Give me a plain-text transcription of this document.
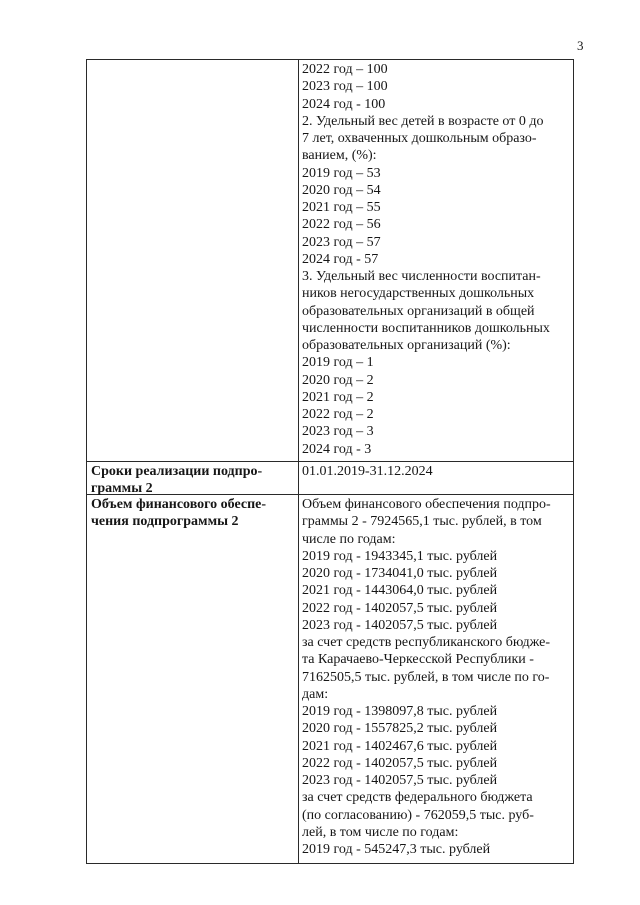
3
2022 год – 100
2023 год – 100
2024 год - 100
2. Удельный вес детей в возрасте от 0 до
7 лет, охваченных дошкольным образо-
ванием, (%):
2019 год – 53
2020 год – 54
2021 год – 55
2022 год – 56
2023 год – 57
2024 год - 57
3. Удельный вес численности воспитан-
ников негосударственных дошкольных
образовательных организаций в общей
численности воспитанников дошкольных
образовательных организаций (%):
2019 год – 1
2020 год – 2
2021 год – 2
2022 год – 2
2023 год – 3
2024 год - 3
Сроки реализации подпро-
граммы 2
01.01.2019-31.12.2024
Объем финансового обеспе-
чения подпрограммы 2
Объем финансового обеспечения подпро-
граммы 2 - 7924565,1 тыс. рублей, в том
числе по годам:
2019 год - 1943345,1 тыс. рублей
2020 год - 1734041,0 тыс. рублей
2021 год - 1443064,0 тыс. рублей
2022 год - 1402057,5 тыс. рублей
2023 год - 1402057,5 тыс. рублей
за счет средств республиканского бюдже-
та Карачаево-Черкесской Республики -
7162505,5 тыс. рублей, в том числе по го-
дам:
2019 год - 1398097,8 тыс. рублей
2020 год - 1557825,2 тыс. рублей
2021 год - 1402467,6 тыс. рублей
2022 год - 1402057,5 тыс. рублей
2023 год - 1402057,5 тыс. рублей
за счет средств федерального бюджета
(по согласованию) - 762059,5 тыс. руб-
лей, в том числе по годам:
2019 год - 545247,3 тыс. рублей
